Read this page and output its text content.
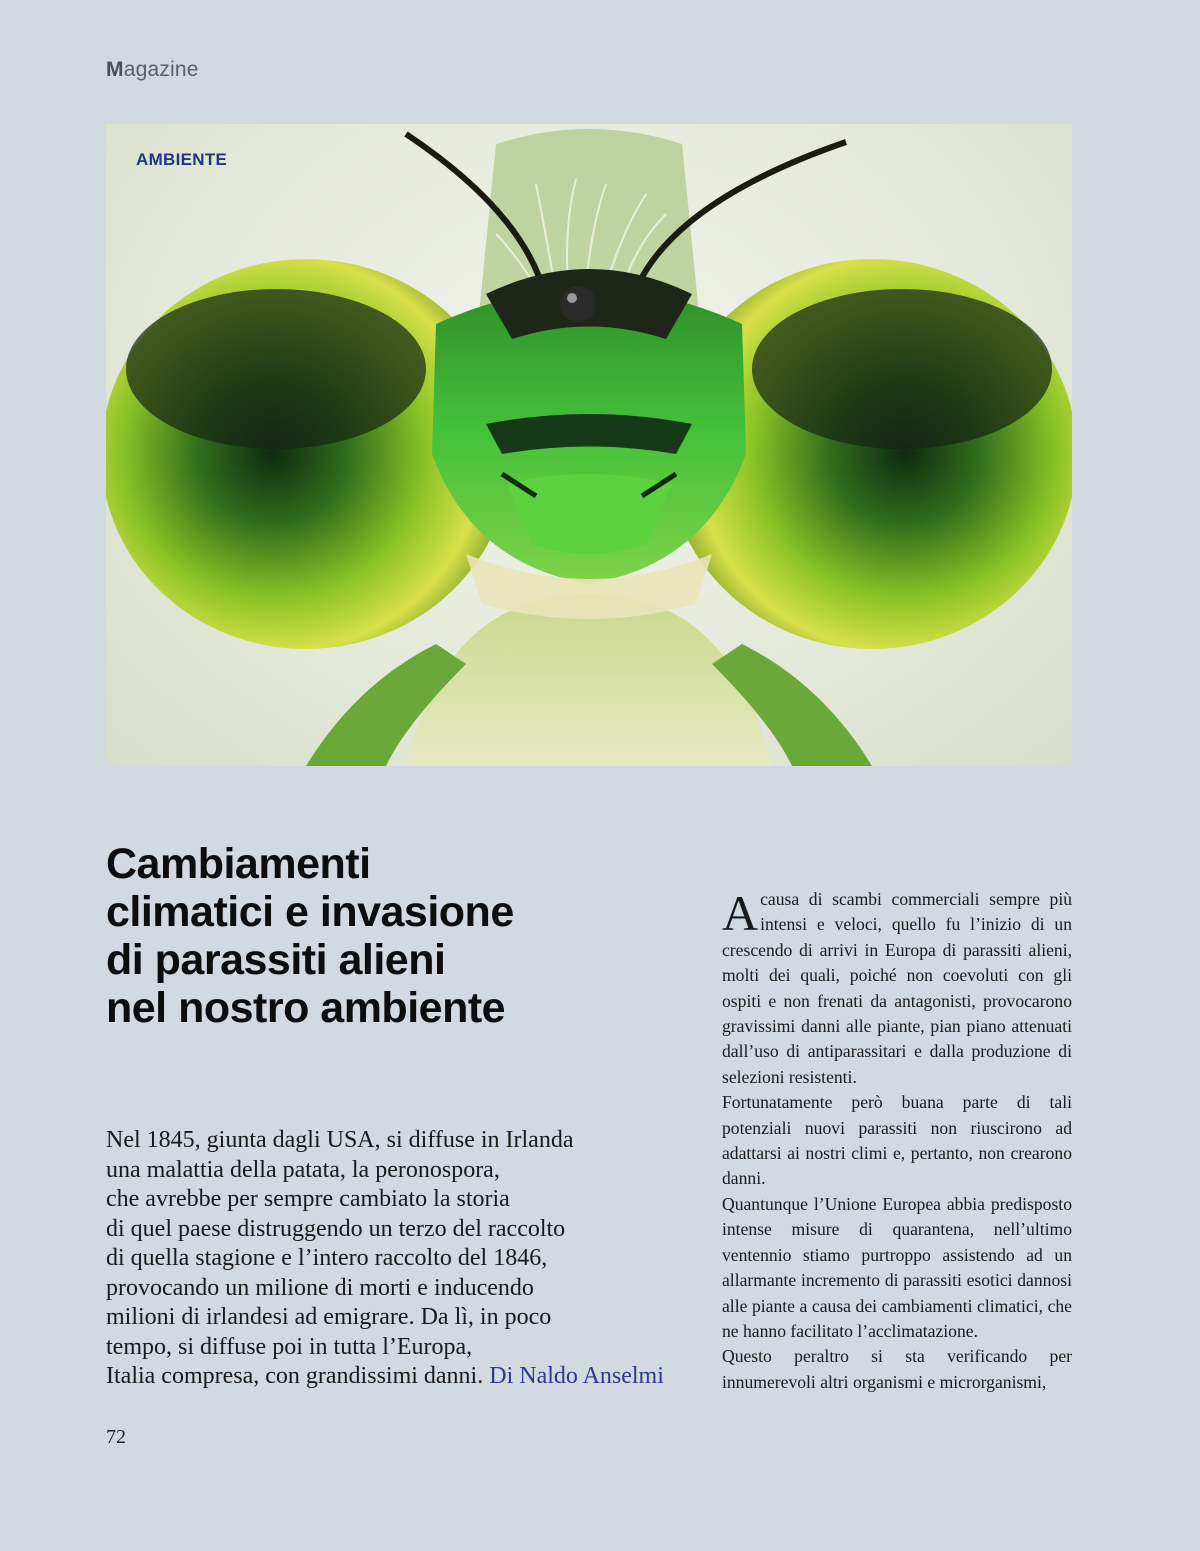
Magazine
AMBIENTE
Cambiamenti
climatici e invasione
di parassiti alieni
nel nostro ambiente

Nel 1845, giunta dagli USA, si diffuse in Irlanda
una malattia della patata, la peronospora,
che avrebbe per sempre cambiato la storia
di quel paese distruggendo un terzo del raccolto
di quella stagione e l’intero raccolto del 1846,
provocando un milione di morti e inducendo
milioni di irlandesi ad emigrare. Da lì, in poco
tempo, si diffuse poi in tutta l’Europa,
Italia compresa, con grandissimi danni. Di Naldo Anselmi

Acausa di scambi commerciali sempre più intensi e veloci, quello fu l’inizio di un crescendo di arrivi in Europa di parassiti alieni, molti dei quali, poiché non coevoluti con gli ospiti e non frenati da antagonisti, provocarono gravissimi danni alle piante, pian piano attenuati dall’uso di antiparassitari e dalla produzione di selezioni resistenti.

Fortunatamente però buana parte di tali potenziali nuovi parassiti non riuscirono ad adattarsi ai nostri climi e, pertanto, non crearono danni.

Quantunque l’Unione Europea abbia predisposto intense misure di quarantena, nell’ultimo ventennio stiamo purtroppo assistendo ad un allarmante incremento di parassiti esotici dannosi alle piante a causa dei cambiamenti climatici, che ne hanno facilitato l’acclimatazione.

Questo peraltro si sta verificando per innumerevoli altri organismi e microrganismi,

72
